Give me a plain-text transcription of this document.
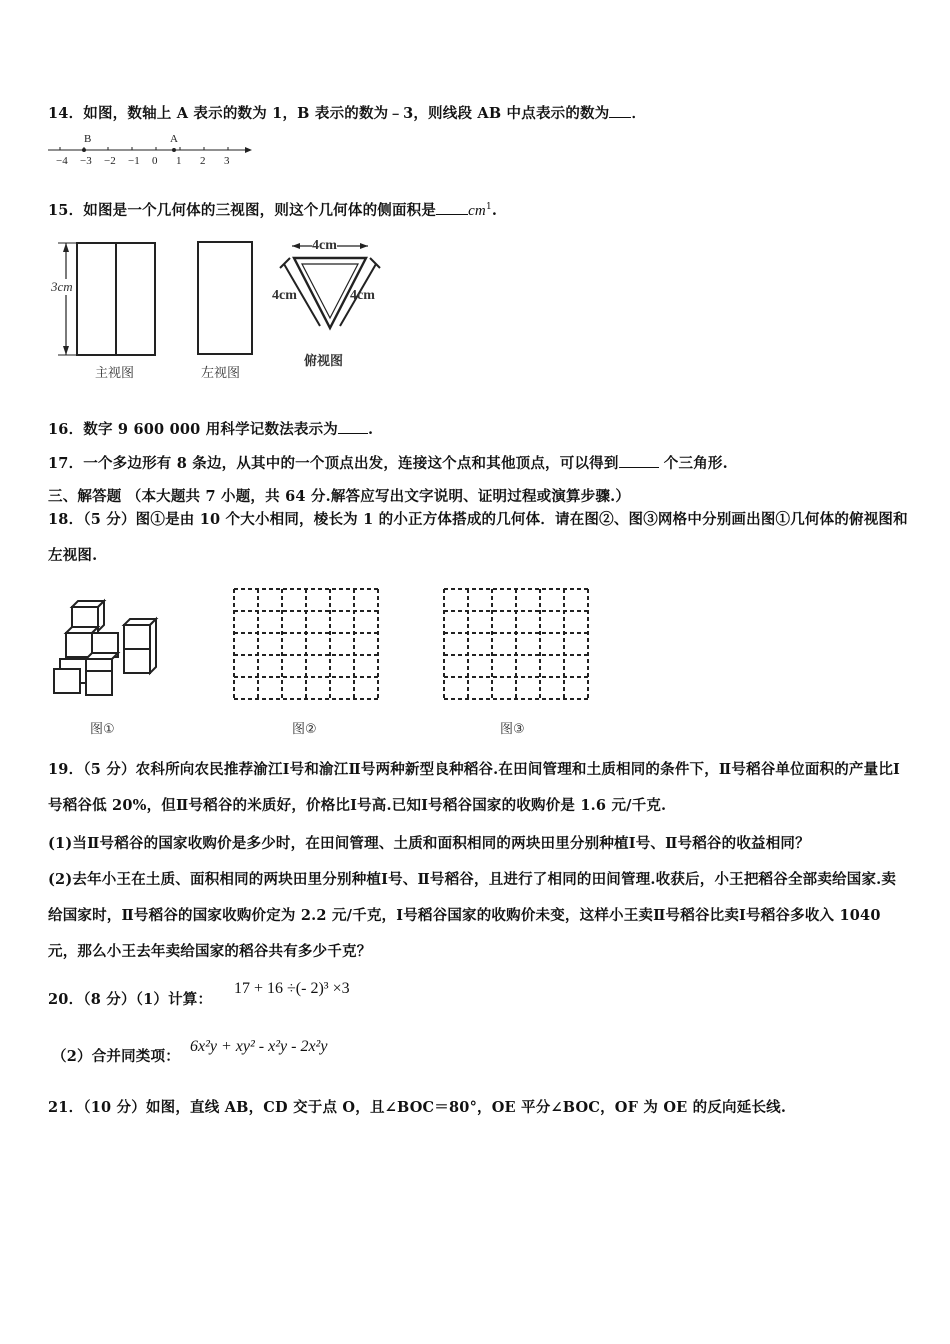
14．如图，数轴上 A 表示的数为 1，B 表示的数为﹣3，则线段 AB 中点表示的数为 ．
B	A
−4 −3 −2 −1 0 1 2 3
15．如图是一个几何体的三视图，则这个几何体的侧面积是 $cm^1$.
3cm
主视图	左视图
4cm
4cm	4cm
俯视图
16．数字 9 600 000 用科学记数法表示为 .
17．一个多边形有 8 条边，从其中的一个顶点出发，连接这个点和其他顶点，可以得到	个三角形.
三、解答题 （本大题共 7 小题，共 64 分.解答应写出文字说明、证明过程或演算步骤.）
18．（5 分）图①是由 10 个大小相同，棱长为 1 的小正方体搭成的几何体．请在图②、图③网格中分别画出图①几何体的俯视图和左视图.
图①	图②	图③
19．（5 分）农科所向农民推荐渝江Ⅰ号和渝江Ⅱ号两种新型良种稻谷.在田间管理和土质相同的条件下，Ⅱ号稻谷单位面积的产量比Ⅰ号稻谷低 20%，但Ⅱ号稻谷的米质好，价格比Ⅰ号高.已知Ⅰ号稻谷国家的收购价是 1.6 元/千克.
(1)当Ⅱ号稻谷的国家收购价是多少时，在田间管理、土质和面积相同的两块田里分别种植Ⅰ号、Ⅱ号稻谷的收益相同？
(2)去年小王在土质、面积相同的两块田里分别种植Ⅰ号、Ⅱ号稻谷，且进行了相同的田间管理.收获后，小王把稻谷全部卖给国家.卖给国家时，Ⅱ号稻谷的国家收购价定为 2.2 元/千克，Ⅰ号稻谷国家的收购价未变，这样小王卖Ⅱ号稻谷比卖Ⅰ号稻谷多收入 1040 元，那么小王去年卖给国家的稻谷共有多少千克？
20．（8 分）（1）计算：
17 + 16 ÷(- 2)³ ×3
（2）合并同类项：
6x²y + xy² - x²y - 2x²y
21．（10 分）如图，直线 AB，CD 交于点 O，且∠BOC＝80°，OE 平分∠BOC，OF 为 OE 的反向延长线.
